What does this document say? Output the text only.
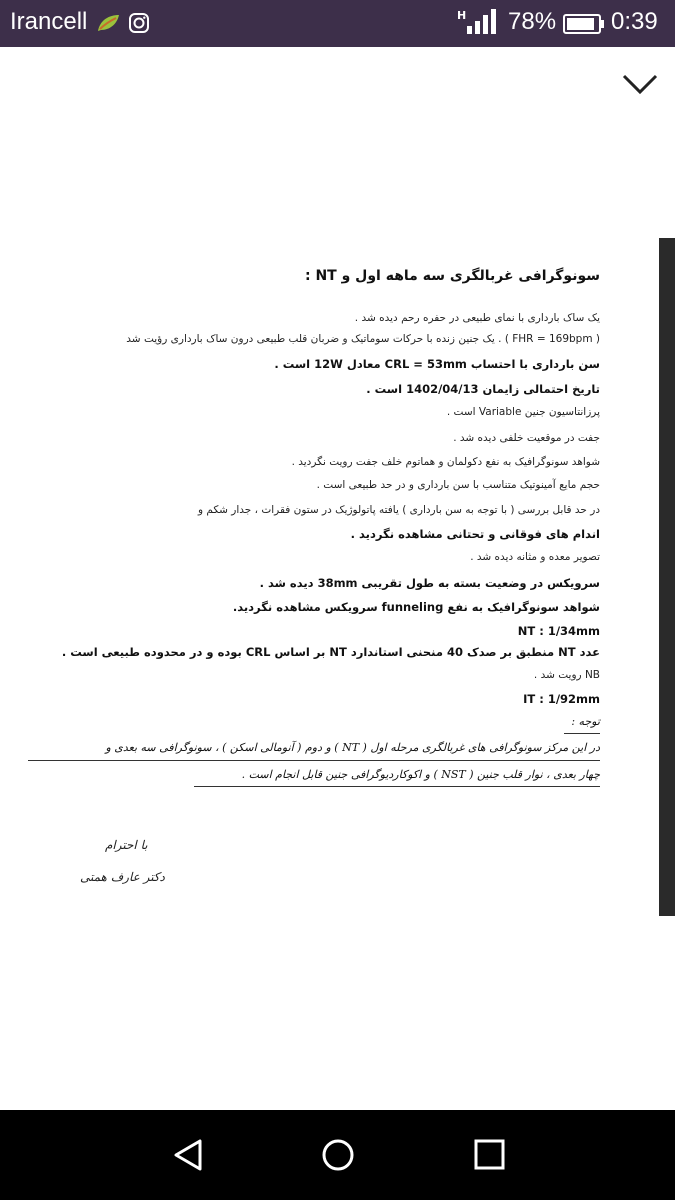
Irancell	H 78% 0:39
سونوگرافی غربالگری سه ماهه اول و NT :
یک ساک بارداری با نمای طبیعی در حفره رحم دیده شد .
( FHR = 169bpm ) . یک جنین زنده با حرکات سوماتیک و ضربان قلب طبیعی درون ساک بارداری رؤیت شد
سن بارداری با احتساب CRL = 53mm معادل 12W است .
تاریخ احتمالی زایمان 1402/04/13 است .
پرزانتاسیون جنین Variable است .
جفت در موقعیت خلفی دیده شد .
شواهد سونوگرافیک به نفع دکولمان و هماتوم خلف جفت رویت نگردید .
حجم مایع آمینوتیک متناسب با سن بارداری و در حد طبیعی است .
در حد قابل بررسی ( با توجه به سن بارداری ) یافته پاتولوژیک در ستون فقرات ، جدار شکم و
اندام های فوقانی و تحتانی مشاهده نگردید .
تصویر معده و مثانه دیده شد .
سرویکس در وضعیت بسته به طول تقریبی 38mm دیده شد .
شواهد سونوگرافیک به نفع funneling سرویکس مشاهده نگردید.
NT : 1/34mm
عدد NT منطبق بر صدک 40 منحنی استاندارد NT بر اساس CRL بوده و در محدوده طبیعی است .
NB رویت شد .
IT : 1/92mm
توجه :
در این مرکز سونوگرافی های غربالگری مرحله اول ( NT ) و دوم ( آنومالی اسکن ) ، سونوگرافی سه بعدی و
چهار بعدی ، نوار قلب جنین ( NST ) و اکوکاردیوگرافی جنین قابل انجام است .
با احترام
دکتر عارف همتی
